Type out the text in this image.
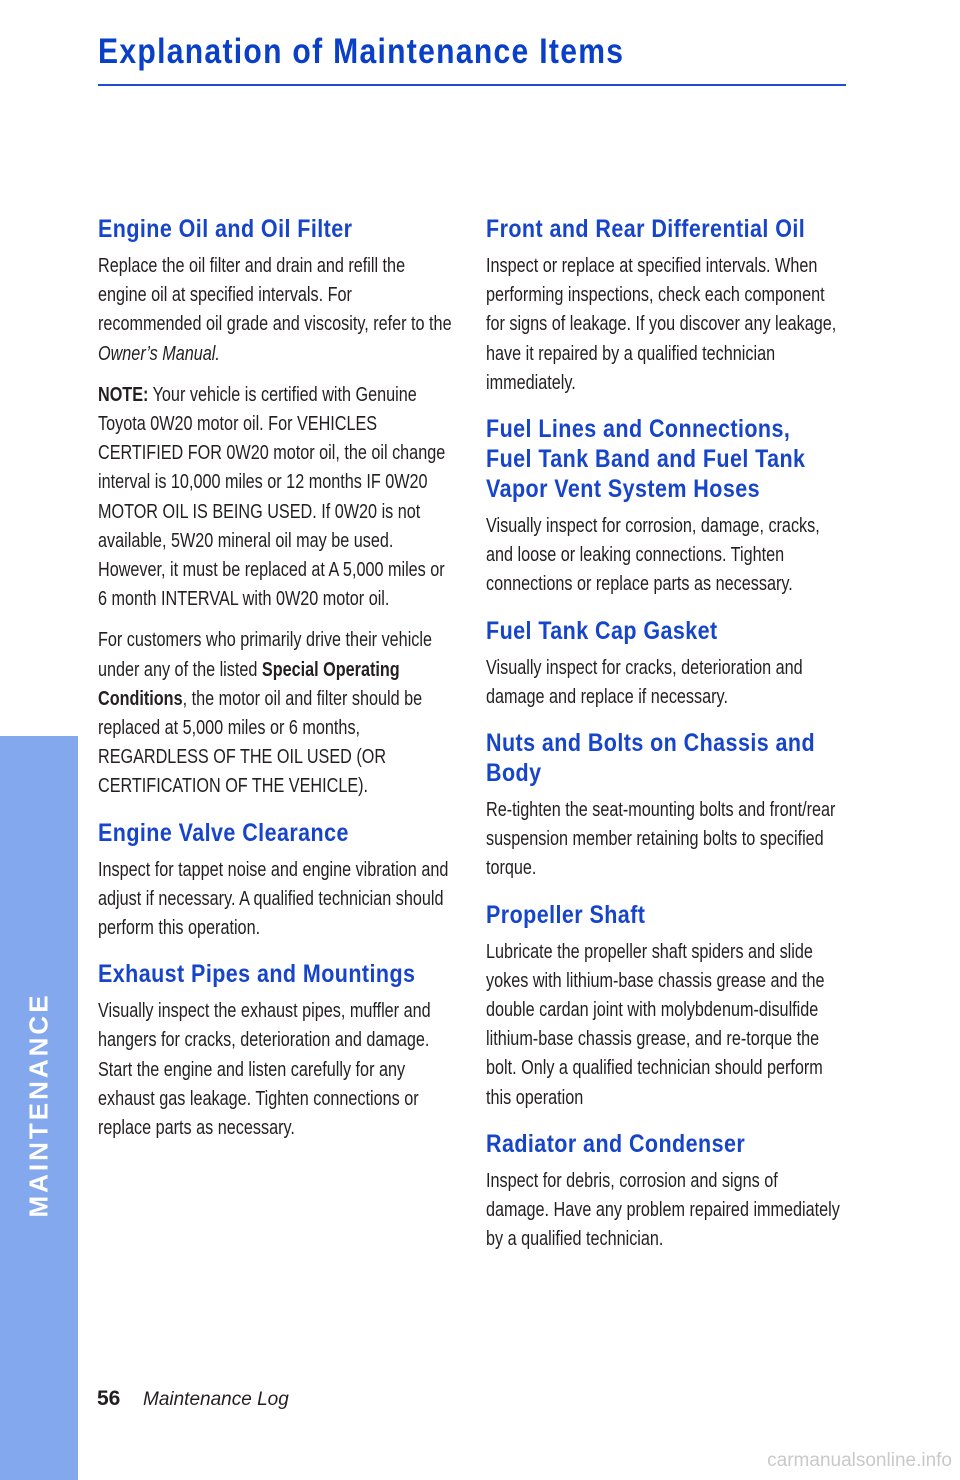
Explanation of Maintenance Items
Engine Oil and Oil Filter
Replace the oil filter and drain and refill the engine oil at specified intervals. For recommended oil grade and viscosity, refer to the Owner’s Manual.
NOTE: Your vehicle is certified with Genuine Toyota 0W20 motor oil. For VEHICLES CERTIFIED FOR 0W20 motor oil, the oil change interval is 10,000 miles or 12 months IF 0W20 MOTOR OIL IS BEING USED. If 0W20 is not available, 5W20 mineral oil may be used. However, it must be replaced at A 5,000 miles or 6 month INTERVAL with 0W20 motor oil.
For customers who primarily drive their vehicle under any of the listed Special Operating Conditions, the motor oil and filter should be replaced at 5,000 miles or 6 months, REGARDLESS OF THE OIL USED (OR CERTIFICATION OF THE VEHICLE).
Engine Valve Clearance
Inspect for tappet noise and engine vibration and adjust if necessary. A qualified technician should perform this operation.
Exhaust Pipes and Mountings
Visually inspect the exhaust pipes, muffler and hangers for cracks, deterioration and damage. Start the engine and listen carefully for any exhaust gas leakage. Tighten connections or replace parts as necessary.
Front and Rear Differential Oil
Inspect or replace at specified intervals. When performing inspections, check each component for signs of leakage. If you discover any leakage, have it repaired by a qualified technician immediately.
Fuel Lines and Connections, Fuel Tank Band and Fuel Tank Vapor Vent System Hoses
Visually inspect for corrosion, damage, cracks, and loose or leaking connections. Tighten connections or replace parts as necessary.
Fuel Tank Cap Gasket
Visually inspect for cracks, deterioration and damage and replace if necessary.
Nuts and Bolts on Chassis and Body
Re-tighten the seat-mounting bolts and front/rear suspension member retaining bolts to specified torque.
Propeller Shaft
Lubricate the propeller shaft spiders and slide yokes with lithium-base chassis grease and the double cardan joint with molybdenum-disulfide lithium-base chassis grease, and re-torque the bolt. Only a qualified technician should perform this operation
Radiator and Condenser
Inspect for debris, corrosion and signs of damage. Have any problem repaired immediately by a qualified technician.
MAINTENANCE
56 Maintenance Log
carmanualsonline.info
